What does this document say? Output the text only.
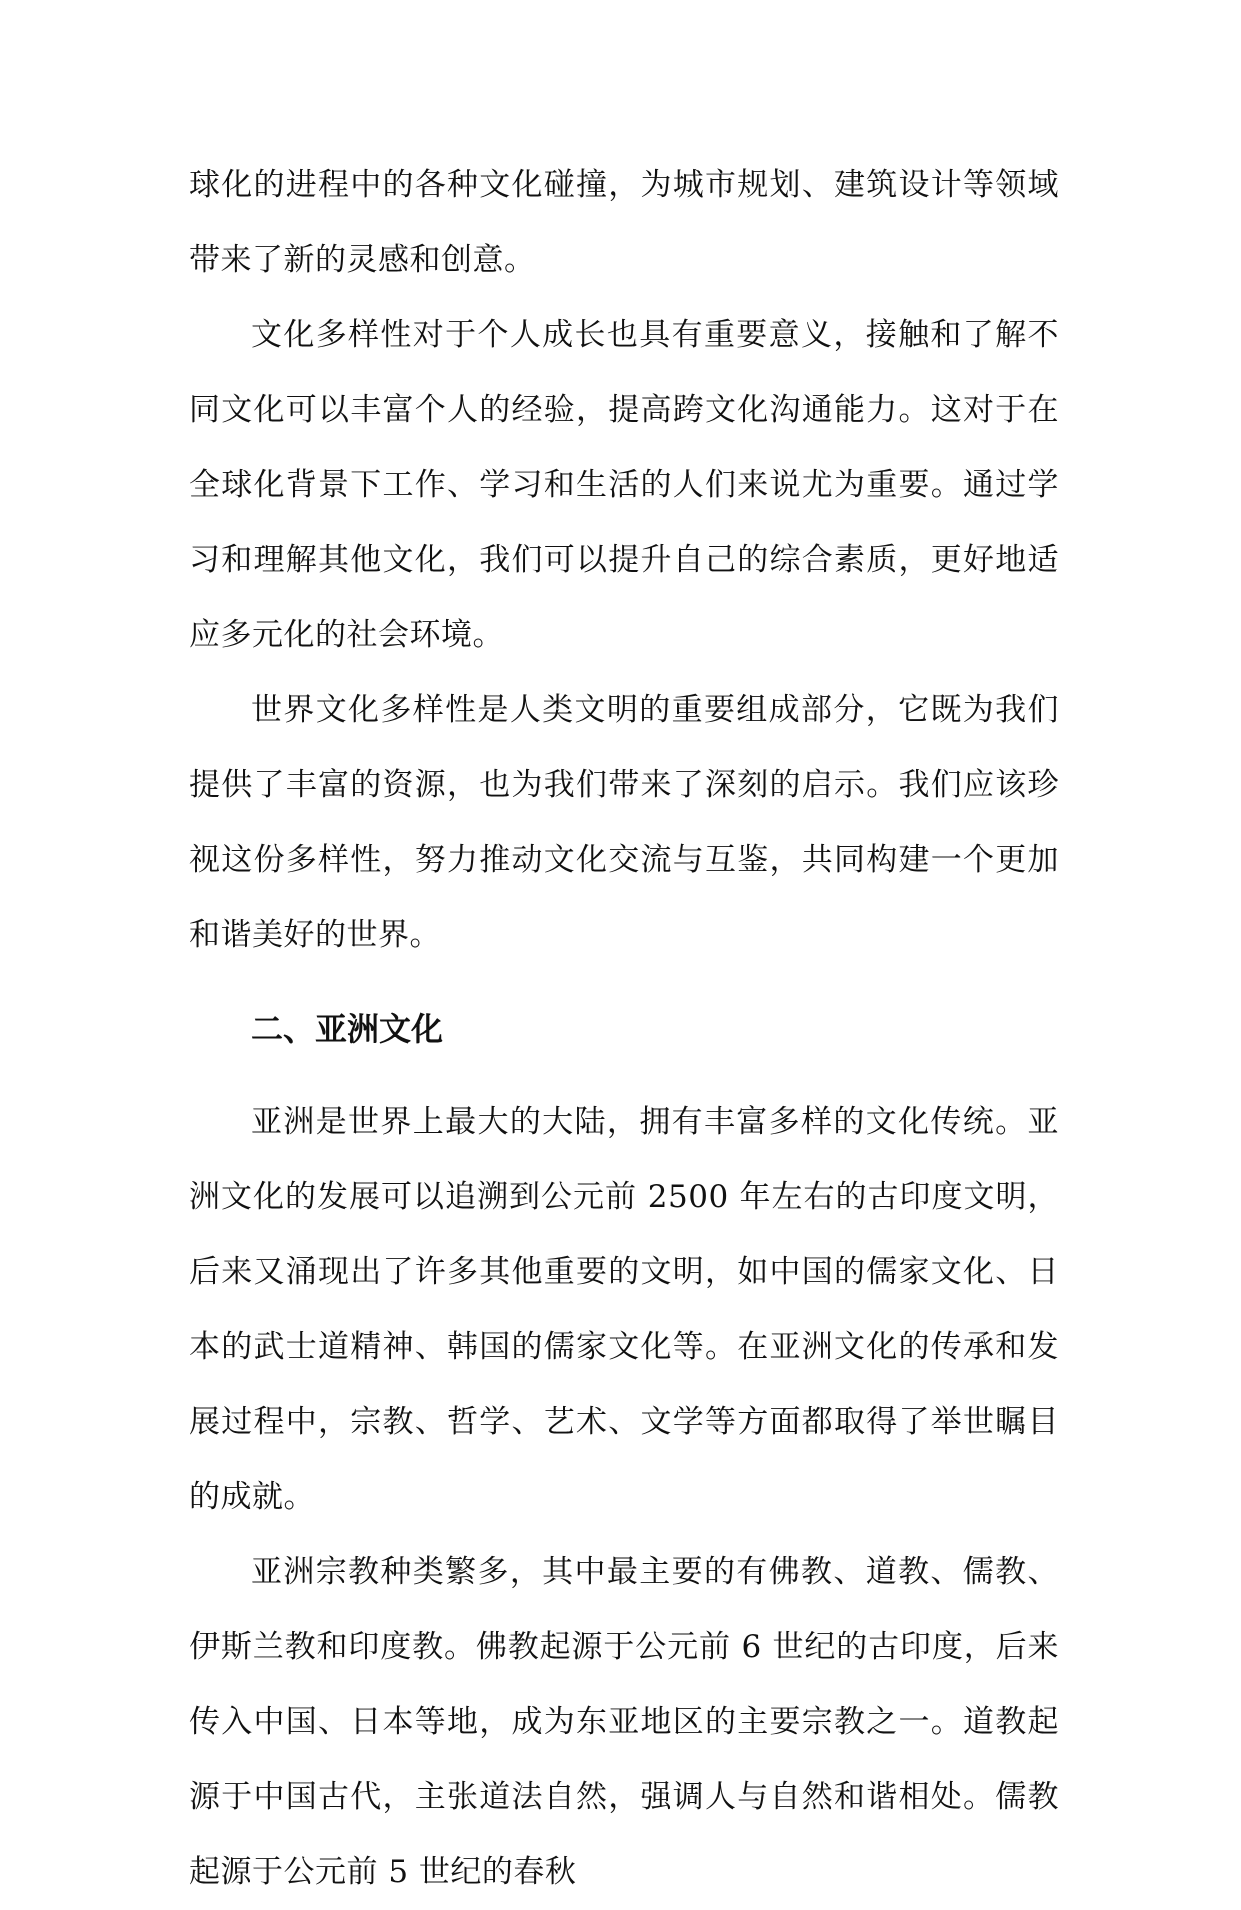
球化的进程中的各种文化碰撞，为城市规划、建筑设计等领域带来了新的灵感和创意。

文化多样性对于个人成长也具有重要意义，接触和了解不同文化可以丰富个人的经验，提高跨文化沟通能力。这对于在全球化背景下工作、学习和生活的人们来说尤为重要。通过学习和理解其他文化，我们可以提升自己的综合素质，更好地适应多元化的社会环境。

世界文化多样性是人类文明的重要组成部分，它既为我们提供了丰富的资源，也为我们带来了深刻的启示。我们应该珍视这份多样性，努力推动文化交流与互鉴，共同构建一个更加和谐美好的世界。

二、亚洲文化

亚洲是世界上最大的大陆，拥有丰富多样的文化传统。亚洲文化的发展可以追溯到公元前 2500 年左右的古印度文明，后来又涌现出了许多其他重要的文明，如中国的儒家文化、日本的武士道精神、韩国的儒家文化等。在亚洲文化的传承和发展过程中，宗教、哲学、艺术、文学等方面都取得了举世瞩目的成就。

亚洲宗教种类繁多，其中最主要的有佛教、道教、儒教、伊斯兰教和印度教。佛教起源于公元前 6 世纪的古印度，后来传入中国、日本等地，成为东亚地区的主要宗教之一。道教起源于中国古代，主张道法自然，强调人与自然和谐相处。儒教起源于公元前 5 世纪的春秋
